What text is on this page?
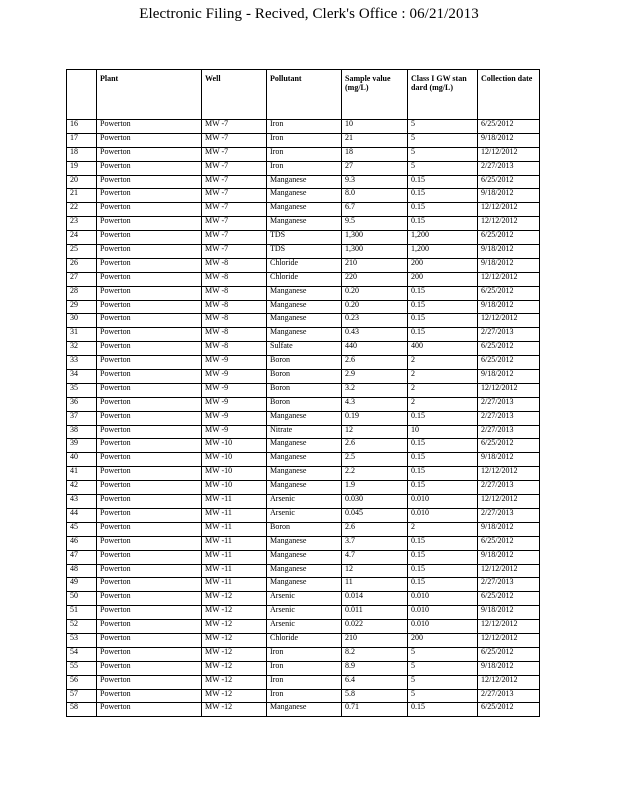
Electronic Filing - Recived, Clerk's Office : 06/21/2013
	Plant	Well	Pollutant	Sample value (mg/L)	Class I GW stan dard (mg/L)	Collection date
16	Powerton	MW -7	Iron	10	5	6/25/2012
17	Powerton	MW -7	Iron	21	5	9/18/2012
18	Powerton	MW -7	Iron	18	5	12/12/2012
19	Powerton	MW -7	Iron	27	5	2/27/2013
20	Powerton	MW -7	Manganese	9.3	0.15	6/25/2012
21	Powerton	MW -7	Manganese	8.0	0.15	9/18/2012
22	Powerton	MW -7	Manganese	6.7	0.15	12/12/2012
23	Powerton	MW -7	Manganese	9.5	0.15	12/12/2012
24	Powerton	MW -7	TDS	1,300	1,200	6/25/2012
25	Powerton	MW -7	TDS	1,300	1,200	9/18/2012
26	Powerton	MW -8	Chloride	210	200	9/18/2012
27	Powerton	MW -8	Chloride	220	200	12/12/2012
28	Powerton	MW -8	Manganese	0.20	0.15	6/25/2012
29	Powerton	MW -8	Manganese	0.20	0.15	9/18/2012
30	Powerton	MW -8	Manganese	0.23	0.15	12/12/2012
31	Powerton	MW -8	Manganese	0.43	0.15	2/27/2013
32	Powerton	MW -8	Sulfate	440	400	6/25/2012
33	Powerton	MW -9	Boron	2.6	2	6/25/2012
34	Powerton	MW -9	Boron	2.9	2	9/18/2012
35	Powerton	MW -9	Boron	3.2	2	12/12/2012
36	Powerton	MW -9	Boron	4.3	2	2/27/2013
37	Powerton	MW -9	Manganese	0.19	0.15	2/27/2013
38	Powerton	MW -9	Nitrate	12	10	2/27/2013
39	Powerton	MW -10	Manganese	2.6	0.15	6/25/2012
40	Powerton	MW -10	Manganese	2.5	0.15	9/18/2012
41	Powerton	MW -10	Manganese	2.2	0.15	12/12/2012
42	Powerton	MW -10	Manganese	1.9	0.15	2/27/2013
43	Powerton	MW -11	Arsenic	0.030	0.010	12/12/2012
44	Powerton	MW -11	Arsenic	0.045	0.010	2/27/2013
45	Powerton	MW -11	Boron	2.6	2	9/18/2012
46	Powerton	MW -11	Manganese	3.7	0.15	6/25/2012
47	Powerton	MW -11	Manganese	4.7	0.15	9/18/2012
48	Powerton	MW -11	Manganese	12	0.15	12/12/2012
49	Powerton	MW -11	Manganese	11	0.15	2/27/2013
50	Powerton	MW -12	Arsenic	0.014	0.010	6/25/2012
51	Powerton	MW -12	Arsenic	0.011	0.010	9/18/2012
52	Powerton	MW -12	Arsenic	0.022	0.010	12/12/2012
53	Powerton	MW -12	Chloride	210	200	12/12/2012
54	Powerton	MW -12	Iron	8.2	5	6/25/2012
55	Powerton	MW -12	Iron	8.9	5	9/18/2012
56	Powerton	MW -12	Iron	6.4	5	12/12/2012
57	Powerton	MW -12	Iron	5.8	5	2/27/2013
58	Powerton	MW -12	Manganese	0.71	0.15	6/25/2012
